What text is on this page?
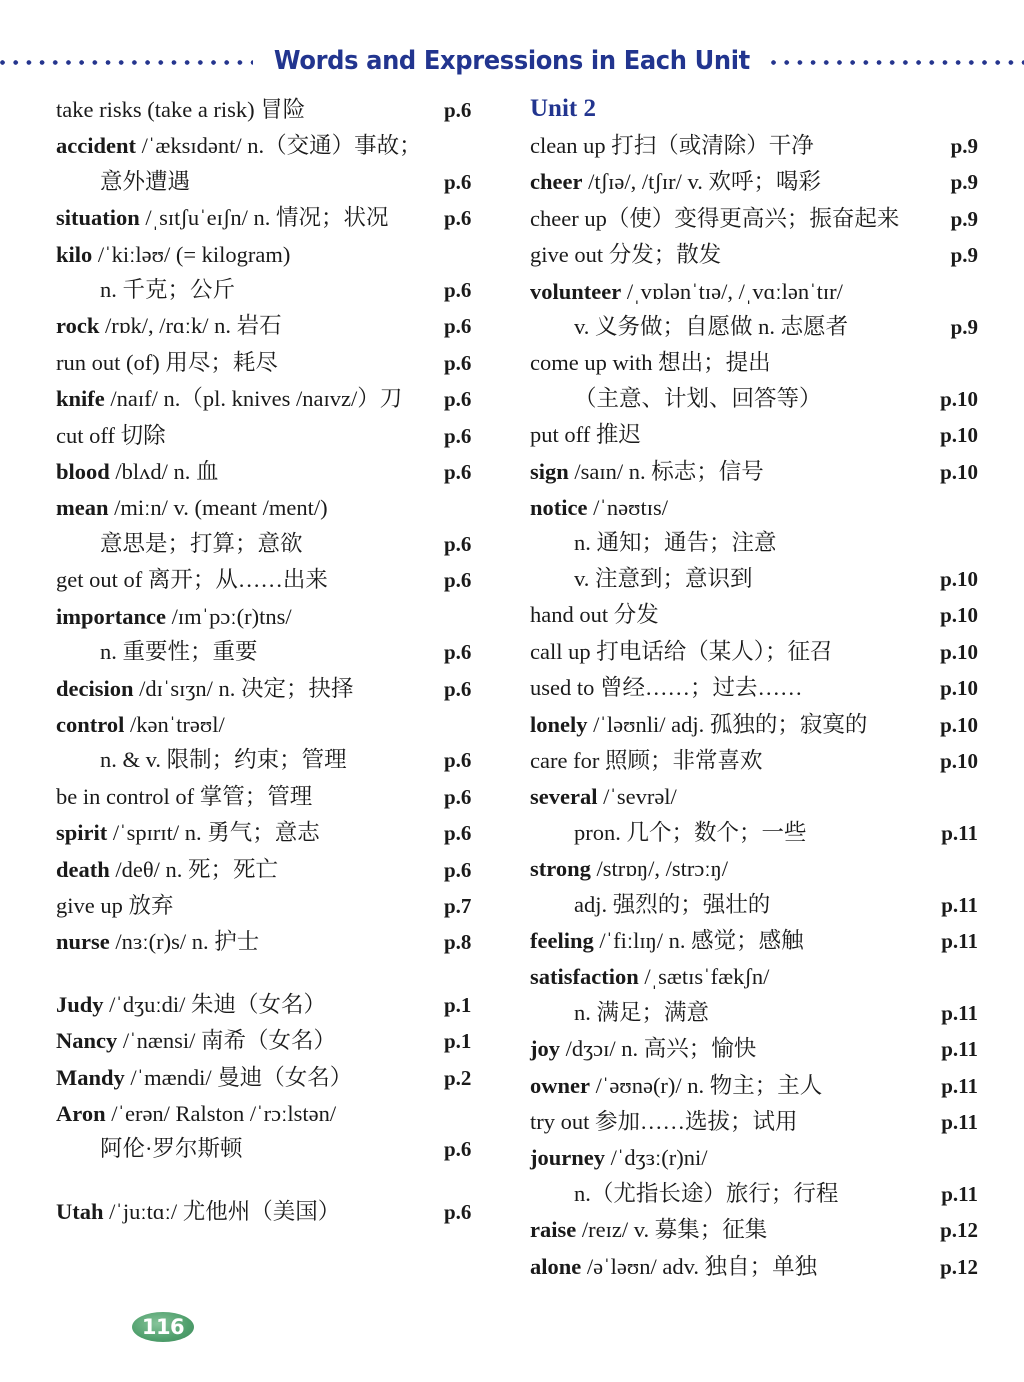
Words and Expressions in Each Unit
take risks (take a risk) 冒险	p.6
accident /ˈæksɪdənt/ n.（交通）事故；
意外遭遇	p.6
situation /ˌsɪtʃuˈeɪʃn/ n. 情况；状况	p.6
kilo /ˈkiːləʊ/ (= kilogram)
n. 千克；公斤	p.6
rock /rɒk/, /rɑːk/ n. 岩石	p.6
run out (of) 用尽；耗尽	p.6
knife /naɪf/ n.（pl. knives /naɪvz/）刀	p.6
cut off 切除	p.6
blood /blʌd/ n. 血	p.6
mean /miːn/ v. (meant /ment/)
意思是；打算；意欲	p.6
get out of 离开；从……出来	p.6
importance /ɪmˈpɔː(r)tns/
n. 重要性；重要	p.6
decision /dɪˈsɪʒn/ n. 决定；抉择	p.6
control /kənˈtrəʊl/
n. & v. 限制；约束；管理	p.6
be in control of 掌管；管理	p.6
spirit /ˈspɪrɪt/ n. 勇气；意志	p.6
death /deθ/ n. 死；死亡	p.6
give up 放弃	p.7
nurse /nɜː(r)s/ n. 护士	p.8
Judy /ˈdʒuːdi/ 朱迪（女名）	p.1
Nancy /ˈnænsi/ 南希（女名）	p.1
Mandy /ˈmændi/ 曼迪（女名）	p.2
Aron /ˈerən/ Ralston /ˈrɔːlstən/
阿伦·罗尔斯顿	p.6
Utah /ˈjuːtɑː/ 尤他州（美国）	p.6
Unit 2
clean up 打扫（或清除）干净	p.9
cheer /tʃɪə/, /tʃɪr/ v. 欢呼；喝彩	p.9
cheer up（使）变得更高兴；振奋起来	p.9
give out 分发；散发	p.9
volunteer /ˌvɒlənˈtɪə/, /ˌvɑːlənˈtɪr/
v. 义务做；自愿做 n. 志愿者	p.9
come up with 想出；提出
（主意、计划、回答等）	p.10
put off 推迟	p.10
sign /saɪn/ n. 标志；信号	p.10
notice /ˈnəʊtɪs/
n. 通知；通告；注意
v. 注意到；意识到	p.10
hand out 分发	p.10
call up 打电话给（某人）；征召	p.10
used to 曾经……；过去……	p.10
lonely /ˈləʊnli/ adj. 孤独的；寂寞的	p.10
care for 照顾；非常喜欢	p.10
several /ˈsevrəl/
pron. 几个；数个；一些	p.11
strong /strɒŋ/, /strɔːŋ/
adj. 强烈的；强壮的	p.11
feeling /ˈfiːlɪŋ/ n. 感觉；感触	p.11
satisfaction /ˌsætɪsˈfækʃn/
n. 满足；满意	p.11
joy /dʒɔɪ/ n. 高兴；愉快	p.11
owner /ˈəʊnə(r)/ n. 物主；主人	p.11
try out 参加……选拔；试用	p.11
journey /ˈdʒɜː(r)ni/
n.（尤指长途）旅行；行程	p.11
raise /reɪz/ v. 募集；征集	p.12
alone /əˈləʊn/ adv. 独自；单独	p.12
116
